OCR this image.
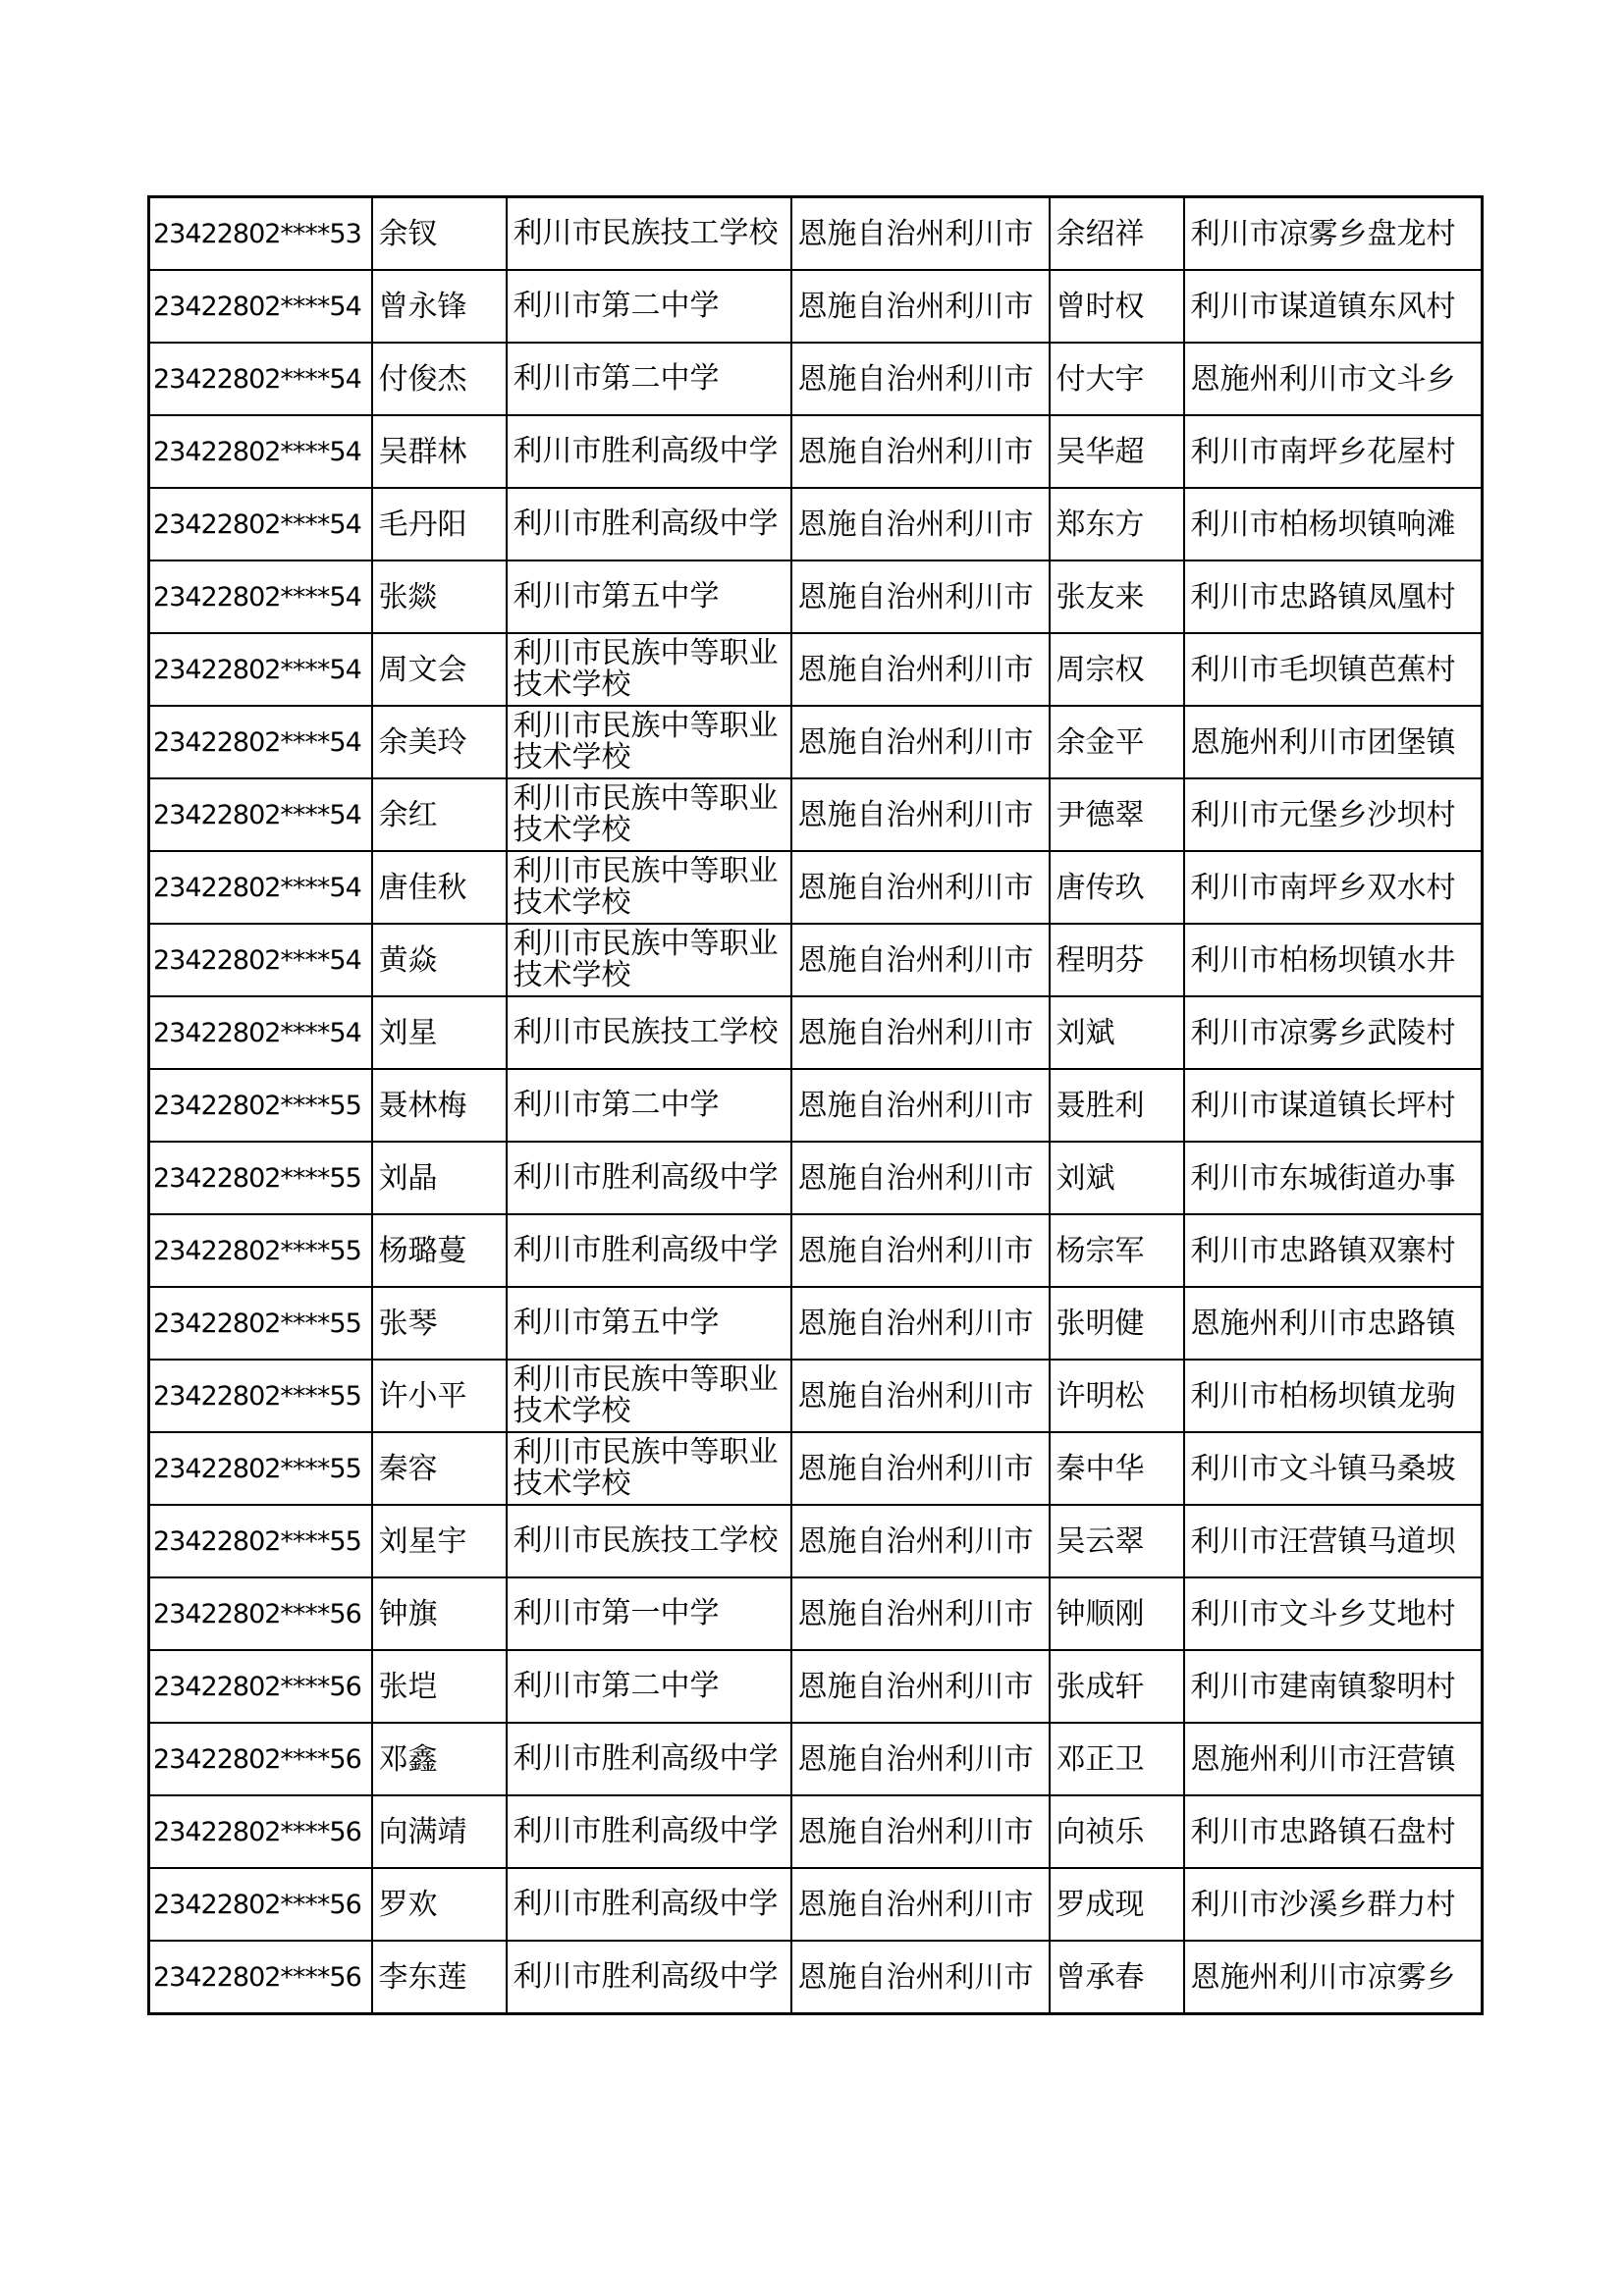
23422802****53	余钗	利川市民族技工学校	恩施自治州利川市	余绍祥	利川市凉雾乡盘龙村
23422802****54	曾永锋	利川市第二中学	恩施自治州利川市	曾时权	利川市谋道镇东风村
23422802****54	付俊杰	利川市第二中学	恩施自治州利川市	付大宇	恩施州利川市文斗乡
23422802****54	吴群林	利川市胜利高级中学	恩施自治州利川市	吴华超	利川市南坪乡花屋村
23422802****54	毛丹阳	利川市胜利高级中学	恩施自治州利川市	郑东方	利川市柏杨坝镇响滩
23422802****54	张燚	利川市第五中学	恩施自治州利川市	张友来	利川市忠路镇凤凰村
23422802****54	周文会	利川市民族中等职业技术学校	恩施自治州利川市	周宗权	利川市毛坝镇芭蕉村
23422802****54	余美玲	利川市民族中等职业技术学校	恩施自治州利川市	余金平	恩施州利川市团堡镇
23422802****54	余红	利川市民族中等职业技术学校	恩施自治州利川市	尹德翠	利川市元堡乡沙坝村
23422802****54	唐佳秋	利川市民族中等职业技术学校	恩施自治州利川市	唐传玖	利川市南坪乡双水村
23422802****54	黄焱	利川市民族中等职业技术学校	恩施自治州利川市	程明芬	利川市柏杨坝镇水井
23422802****54	刘星	利川市民族技工学校	恩施自治州利川市	刘斌	利川市凉雾乡武陵村
23422802****55	聂林梅	利川市第二中学	恩施自治州利川市	聂胜利	利川市谋道镇长坪村
23422802****55	刘晶	利川市胜利高级中学	恩施自治州利川市	刘斌	利川市东城街道办事
23422802****55	杨璐蔓	利川市胜利高级中学	恩施自治州利川市	杨宗军	利川市忠路镇双寨村
23422802****55	张琴	利川市第五中学	恩施自治州利川市	张明健	恩施州利川市忠路镇
23422802****55	许小平	利川市民族中等职业技术学校	恩施自治州利川市	许明松	利川市柏杨坝镇龙驹
23422802****55	秦容	利川市民族中等职业技术学校	恩施自治州利川市	秦中华	利川市文斗镇马桑坡
23422802****55	刘星宇	利川市民族技工学校	恩施自治州利川市	吴云翠	利川市汪营镇马道坝
23422802****56	钟旗	利川市第一中学	恩施自治州利川市	钟顺刚	利川市文斗乡艾地村
23422802****56	张垲	利川市第二中学	恩施自治州利川市	张成轩	利川市建南镇黎明村
23422802****56	邓鑫	利川市胜利高级中学	恩施自治州利川市	邓正卫	恩施州利川市汪营镇
23422802****56	向满靖	利川市胜利高级中学	恩施自治州利川市	向祯乐	利川市忠路镇石盘村
23422802****56	罗欢	利川市胜利高级中学	恩施自治州利川市	罗成现	利川市沙溪乡群力村
23422802****56	李东莲	利川市胜利高级中学	恩施自治州利川市	曾承春	恩施州利川市凉雾乡
